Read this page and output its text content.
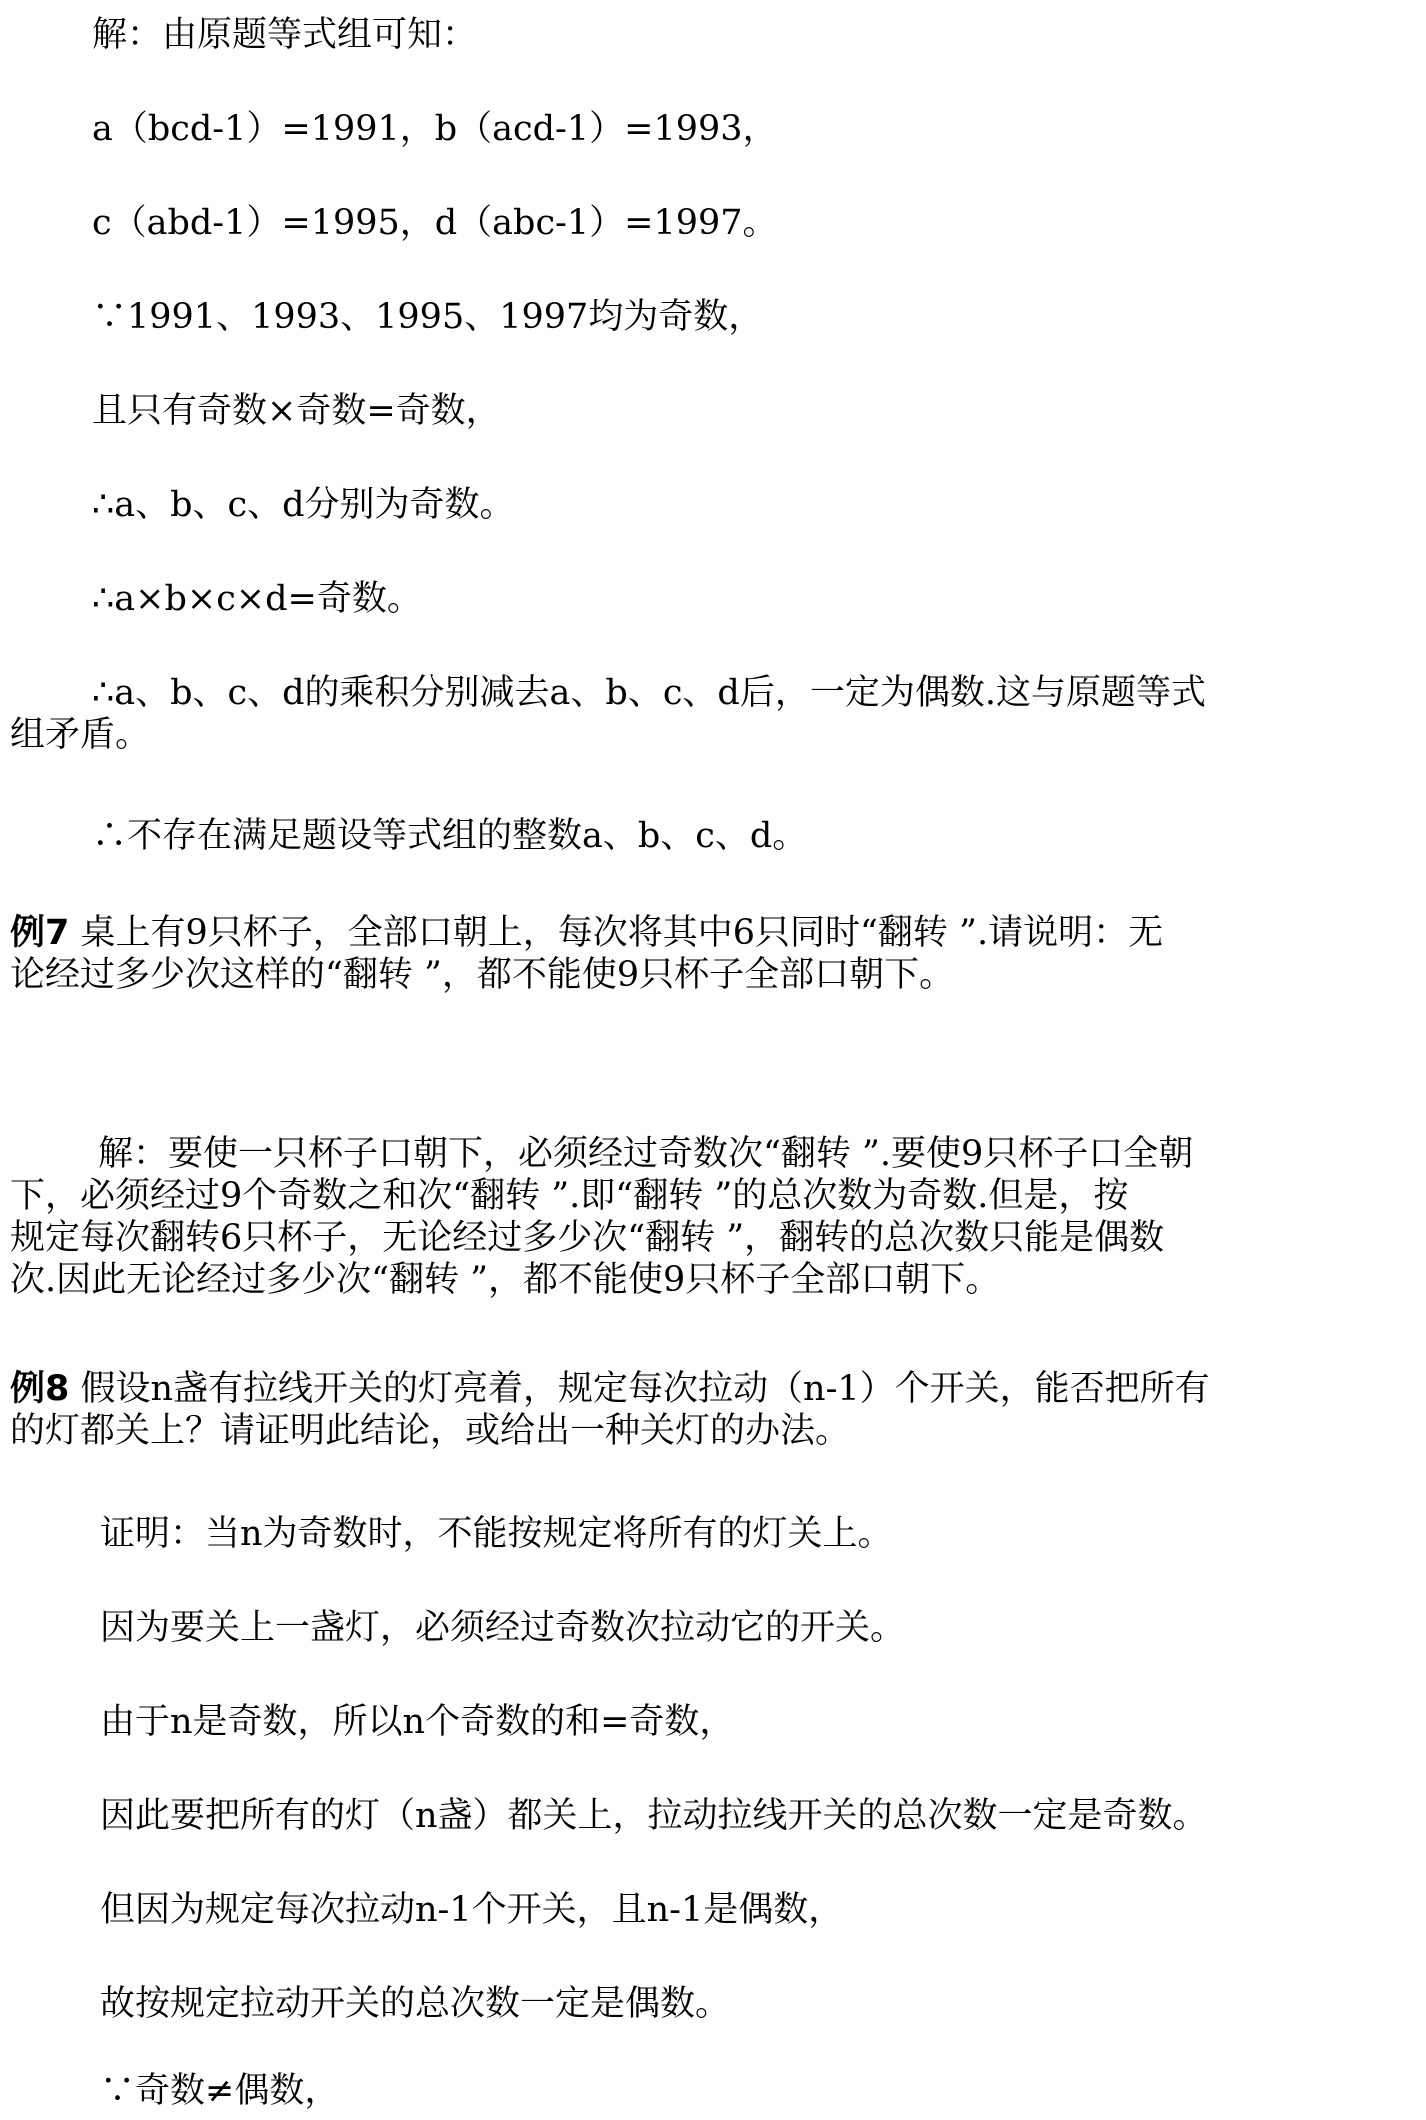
解：由原题等式组可知：
a（bcd-1）=1991，b（acd-1）=1993，
c（abd-1）=1995，d（abc-1）=1997。
∵1991、1993、1995、1997均为奇数，
且只有奇数×奇数=奇数，
∴a、b、c、d分别为奇数。
∴a×b×c×d=奇数。
∴a、b、c、d的乘积分别减去a、b、c、d后，一定为偶数.这与原题等式
组矛盾。
∴不存在满足题设等式组的整数a、b、c、d。
例7 桌上有9只杯子，全部口朝上，每次将其中6只同时“翻转 ”.请说明：无
论经过多少次这样的“翻转 ”，都不能使9只杯子全部口朝下。
解：要使一只杯子口朝下，必须经过奇数次“翻转 ”.要使9只杯子口全朝
下，必须经过9个奇数之和次“翻转 ”.即“翻转 ”的总次数为奇数.但是，按
规定每次翻转6只杯子，无论经过多少次“翻转 ”，翻转的总次数只能是偶数
次.因此无论经过多少次“翻转 ”，都不能使9只杯子全部口朝下。
例8 假设n盏有拉线开关的灯亮着，规定每次拉动（n-1）个开关，能否把所有
的灯都关上？请证明此结论，或给出一种关灯的办法。
证明：当n为奇数时，不能按规定将所有的灯关上。
因为要关上一盏灯，必须经过奇数次拉动它的开关。
由于n是奇数，所以n个奇数的和=奇数，
因此要把所有的灯（n盏）都关上，拉动拉线开关的总次数一定是奇数。
但因为规定每次拉动n-1个开关，且n-1是偶数，
故按规定拉动开关的总次数一定是偶数。
∵奇数≠偶数，
